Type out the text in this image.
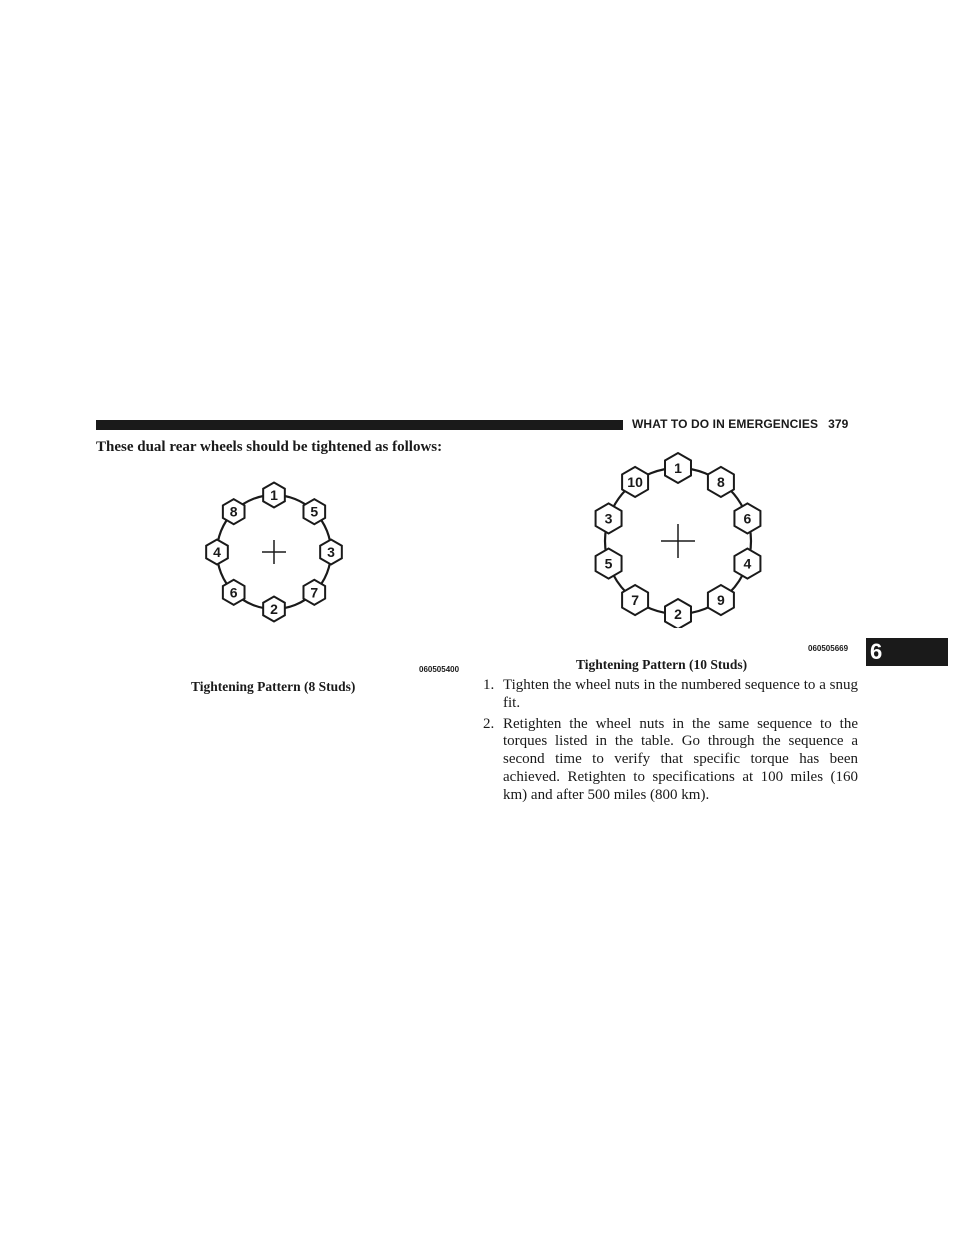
WHAT TO DO IN EMERGENCIES 379
These dual rear wheels should be tightened as follows:
1
5
3
7
2
6
4
8
060505400
Tightening Pattern (8 Studs)
1
8
6
4
9
2
7
5
3
10
060505669
Tightening Pattern (10 Studs)
6
1. Tighten the wheel nuts in the numbered sequence to a snug fit.
2. Retighten the wheel nuts in the same sequence to the torques listed in the table. Go through the sequence a second time to verify that specific torque has been achieved. Retighten to specifications at 100 miles (160 km) and after 500 miles (800 km).
